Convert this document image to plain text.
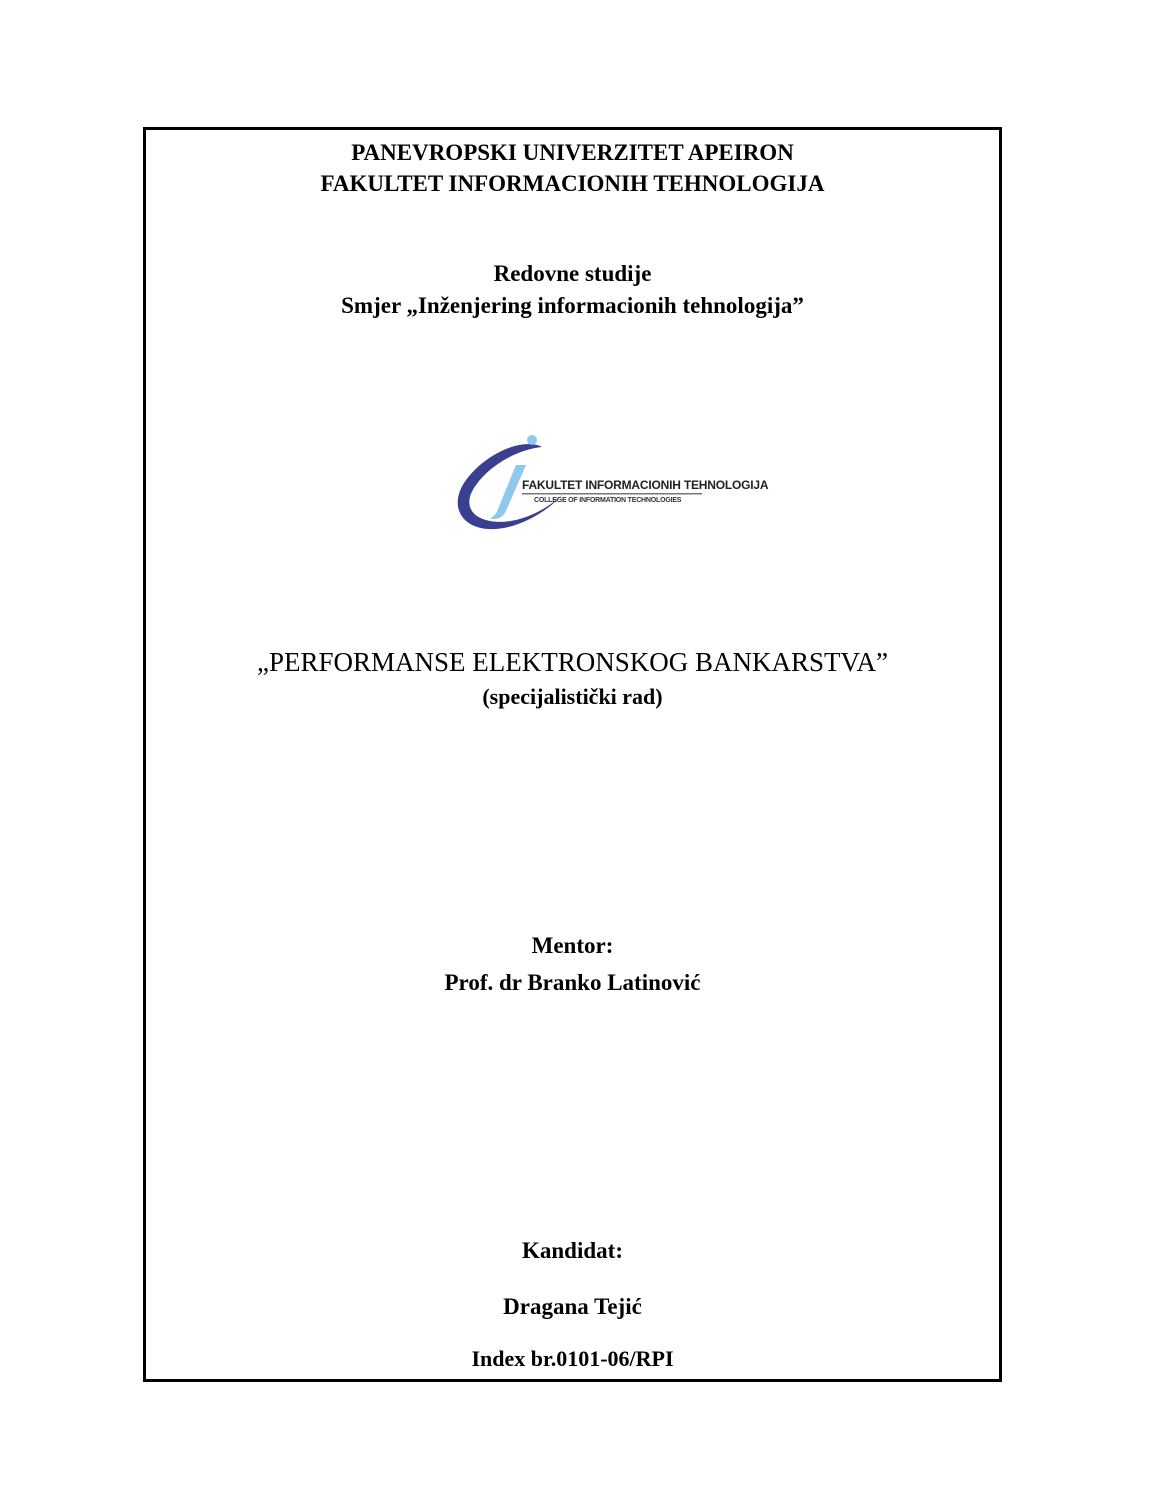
PANEVROPSKI UNIVERZITET APEIRON
FAKULTET INFORMACIONIH TEHNOLOGIJA
Redovne studije
Smjer „Inženjering informacionih tehnologija”
FAKULTET INFORMACIONIH TEHNOLOGIJA
COLLEGE OF INFORMATION TECHNOLOGIES
„PERFORMANSE ELEKTRONSKOG BANKARSTVA”
(specijalistički rad)
Mentor:
Prof. dr Branko Latinović
Kandidat:
Dragana Tejić
Index br.0101-06/RPI
